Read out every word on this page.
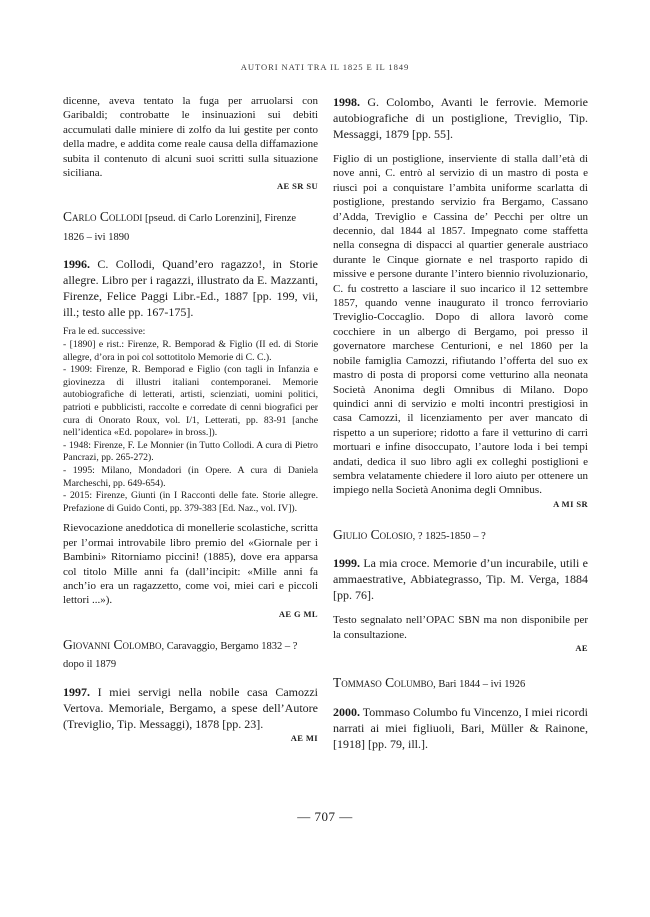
AUTORI NATI TRA IL 1825 E IL 1849

dicenne, aveva tentato la fuga per arruolarsi con Garibaldi; controbatte le insinuazioni sui debiti accumulati dalle miniere di zolfo da lui gestite per conto della madre, e addita come reale causa della diffamazione subita il contenuto di alcuni suoi scritti sulla situazione siciliana.

AE SR SU
Carlo Collodi [pseud. di Carlo Lorenzini], Firenze 1826 – ivi 1890

1996. C. Collodi, Quand’ero ragazzo!, in Storie allegre. Libro per i ragazzi, illustrato da E. Mazzanti, Firenze, Felice Paggi Libr.-Ed., 1887 [pp. 199, vii, ill.; testo alle pp. 167-175].

Fra le ed. successive:

- [1890] e rist.: Firenze, R. Bemporad & Figlio (II ed. di Storie allegre, d’ora in poi col sottotitolo Memorie di C. C.).

- 1909: Firenze, R. Bemporad e Figlio (con tagli in Infanzia e giovinezza di illustri italiani contemporanei. Memorie autobiografiche di letterati, artisti, scienziati, uomini politici, patrioti e pubblicisti, raccolte e corredate di cenni biografici per cura di Onorato Roux, vol. I/1, Letterati, pp. 83-91 [anche nell’identica «Ed. popolare» in bross.]).

- 1948: Firenze, F. Le Monnier (in Tutto Collodi. A cura di Pietro Pancrazi, pp. 265-272).

- 1995: Milano, Mondadori (in Opere. A cura di Daniela Marcheschi, pp. 649-654).

- 2015: Firenze, Giunti (in I Racconti delle fate. Storie allegre. Prefazione di Guido Conti, pp. 379-383 [Ed. Naz., vol. IV]).

Rievocazione aneddotica di monellerie scolastiche, scritta per l’ormai introvabile libro premio del «Giornale per i Bambini» Ritorniamo piccini! (1885), dove era apparsa col titolo Mille anni fa (dall’incipit: «Mille anni fa anch’io era un ragazzetto, come voi, miei cari e piccoli lettori ...»).

AE G ML
Giovanni Colombo, Caravaggio, Bergamo 1832 – ? dopo il 1879

1997. I miei servigi nella nobile casa Camozzi Vertova. Memoriale, Bergamo, a spese dell’Autore (Treviglio, Tip. Messaggi), 1878 [pp. 23].

AE MI

1998. G. Colombo, Avanti le ferrovie. Memorie autobiografiche di un postiglione, Treviglio, Tip. Messaggi, 1879 [pp. 55].

Figlio di un postiglione, inserviente di stalla dall’età di nove anni, C. entrò al servizio di un mastro di posta e riuscì poi a conquistare l’ambita uniforme scarlatta di postiglione, prestando servizio fra Bergamo, Cassano d’Adda, Treviglio e Cassina de’ Pecchi per oltre un decennio, dal 1844 al 1857. Impegnato come staffetta nella consegna di dispacci al quartier generale austriaco durante le Cinque giornate e nel trasporto rapido di missive e persone durante l’intero biennio rivoluzionario, C. fu costretto a lasciare il suo incarico il 12 settembre 1857, quando venne inaugurato il tronco ferroviario Treviglio-Coccaglio. Dopo di allora lavorò come cocchiere in un albergo di Bergamo, poi presso il governatore marchese Centurioni, e nel 1860 per la nobile famiglia Camozzi, rifiutando l’offerta del suo ex mastro di posta di proporsi come vetturino alla neonata Società Anonima degli Omnibus di Milano. Dopo quindici anni di servizio e molti incontri prestigiosi in casa Camozzi, il licenziamento per aver mancato di rispetto a un superiore; ridotto a fare il vetturino di carri mortuari e infine disoccupato, l’autore loda i bei tempi andati, dedica il suo libro agli ex colleghi postiglioni e sembra velatamente chiedere il loro aiuto per ottenere un impiego nella Società Anonima degli Omnibus.

A MI SR
Giulio Colosio, ? 1825-1850 – ?

1999. La mia croce. Memorie d’un incurabile, utili e ammaestrative, Abbiategrasso, Tip. M. Verga, 1884 [pp. 76].

Testo segnalato nell’OPAC SBN ma non disponibile per la consultazione.

AE
Tommaso Columbo, Bari 1844 – ivi 1926

2000. Tommaso Columbo fu Vincenzo, I miei ricordi narrati ai miei figliuoli, Bari, Müller & Rainone, [1918] [pp. 79, ill.].

— 707 —
